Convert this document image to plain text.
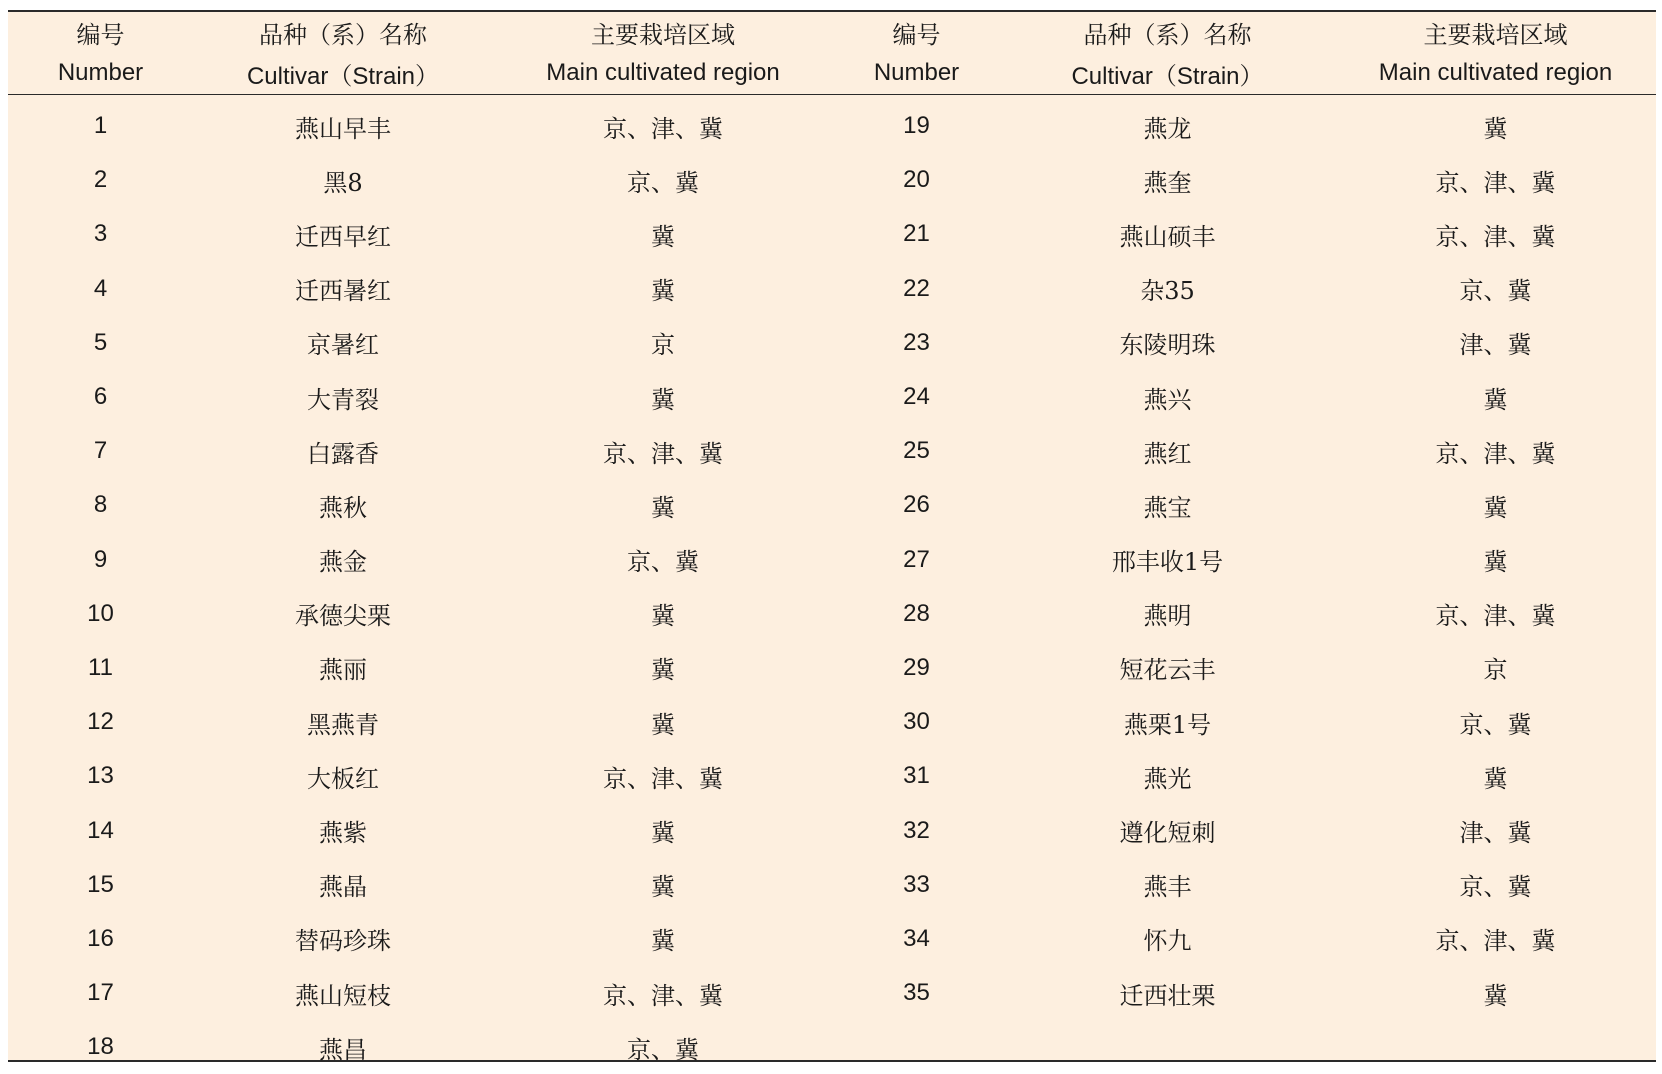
编号	品种（系）名称	主要栽培区域	编号	品种（系）名称	主要栽培区域
Number	Cultivar（Strain）	Main cultivated region	Number	Cultivar（Strain）	Main cultivated region
1	燕山早丰	京、津、冀	19	燕龙	冀
2	黑8	京、冀	20	燕奎	京、津、冀
3	迁西早红	冀	21	燕山硕丰	京、津、冀
4	迁西暑红	冀	22	杂35	京、冀
5	京暑红	京	23	东陵明珠	津、冀
6	大青裂	冀	24	燕兴	冀
7	白露香	京、津、冀	25	燕红	京、津、冀
8	燕秋	冀	26	燕宝	冀
9	燕金	京、冀	27	邢丰收1号	冀
10	承德尖栗	冀	28	燕明	京、津、冀
11	燕丽	冀	29	短花云丰	京
12	黑燕青	冀	30	燕栗1号	京、冀
13	大板红	京、津、冀	31	燕光	冀
14	燕紫	冀	32	遵化短刺	津、冀
15	燕晶	冀	33	燕丰	京、冀
16	替码珍珠	冀	34	怀九	京、津、冀
17	燕山短枝	京、津、冀	35	迁西壮栗	冀
18	燕昌	京、冀			
